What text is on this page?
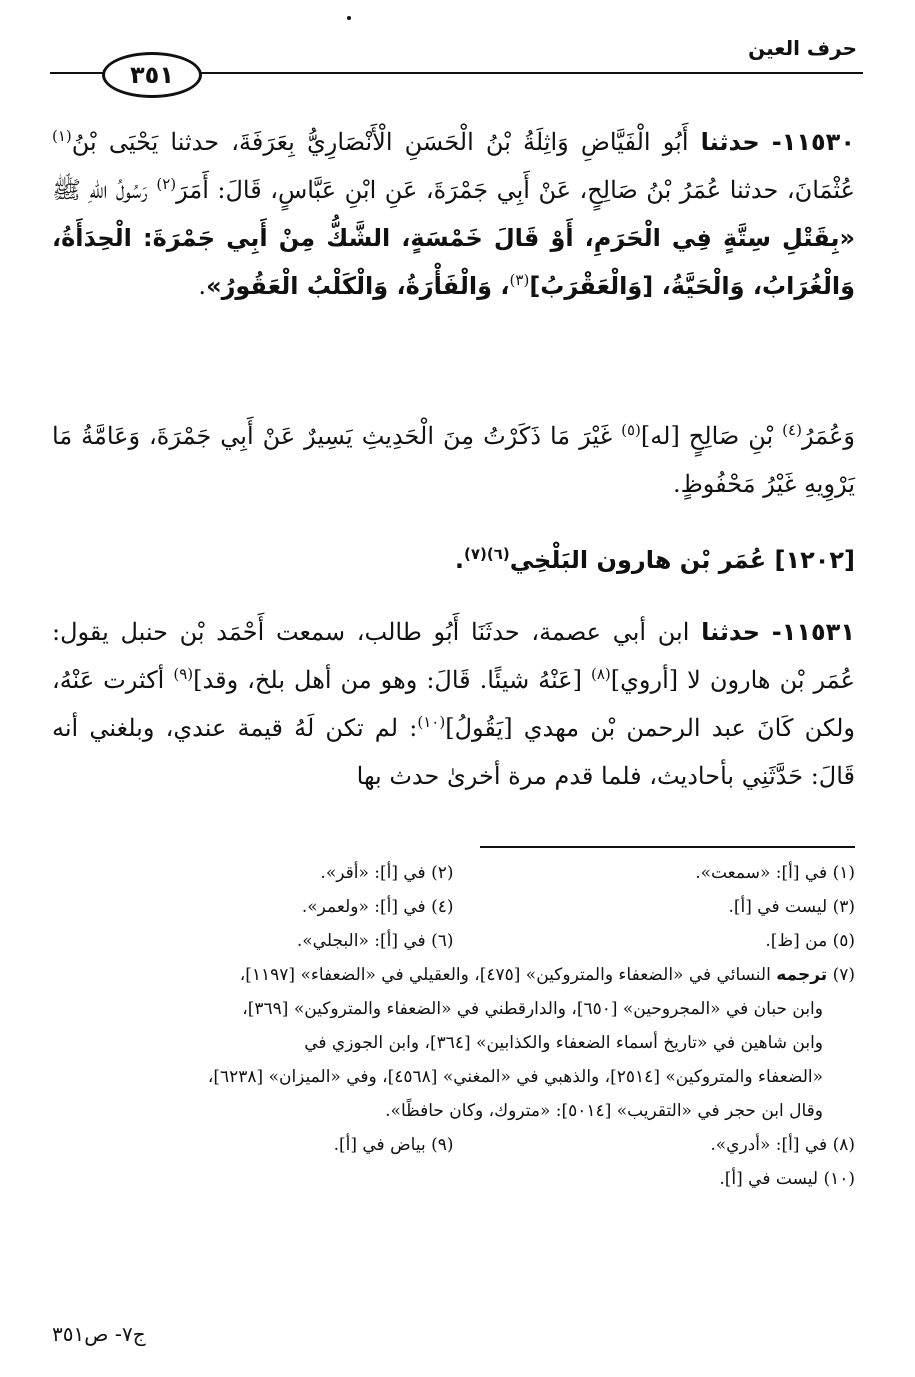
حرف العين
٣٥١

١١٥٣٠- حدثنا أَبُو الْفَيَّاضِ وَاثِلَةُ بْنُ الْحَسَنِ الْأَنْصَارِيُّ بِعَرَفَةَ، حدثنا يَحْيَى بْنُ$^{(١)}$ عُثْمَانَ، حدثنا عُمَرُ بْنُ صَالِحٍ، عَنْ أَبِي جَمْرَةَ، عَنِ ابْنِ عَبَّاسٍ، قَالَ: أَمَرَ$^{(٢)}$ رَسُولُ اللهِ ﷺ «بِقَتْلِ سِتَّةٍ فِي الْحَرَمِ، أَوْ قَالَ خَمْسَةٍ، الشَّكُّ مِنْ أَبِي جَمْرَةَ: الْحِدَأَةُ، وَالْغُرَابُ، وَالْحَيَّةُ، [وَالْعَقْرَبُ]$^{(٣)}$، وَالْفَأْرَةُ، وَالْكَلْبُ الْعَقُورُ».

وَعُمَرُ$^{(٤)}$ بْنِ صَالِحٍ [له]$^{(٥)}$ غَيْرَ مَا ذَكَرْتُ مِنَ الْحَدِيثِ يَسِيرٌ عَنْ أَبِي جَمْرَةَ، وَعَامَّةُ مَا يَرْوِيهِ غَيْرُ مَحْفُوظٍ.

[١٢٠٢] عُمَر بْن هارون البَلْخِي$^{(٦)(٧)}$.

١١٥٣١- حدثنا ابن أبي عصمة، حدثَنَا أَبُو طالب، سمعت أَحْمَد بْن حنبل يقول: عُمَر بْن هارون لا [أروي]$^{(٨)}$ [عَنْهُ شيئًا. قَالَ: وهو من أهل بلخ، وقد]$^{(٩)}$ أكثرت عَنْهُ، ولكن كَانَ عبد الرحمن بْن مهدي [يَقُولُ]$^{(١٠)}$: لم تكن لَهُ قيمة عندي، وبلغني أنه قَالَ: حَدَّثَنِي بأحاديث، فلما قدم مرة أخرىٰ حدث بها

(١) في [أ]: «سمعت».
(٢) في [أ]: «أقر».
(٣) ليست في [أ].
(٤) في [أ]: «ولعمر».
(٥) من [ظ].
(٦) في [أ]: «البجلي».
(٧) ترجمه النسائي في «الضعفاء والمتروكين» [٤٧٥]، والعقيلي في «الضعفاء» [١١٩٧]،
وابن حبان في «المجروحين» [٦٥٠]، والدارقطني في «الضعفاء والمتروكين» [٣٦٩]،
وابن شاهين في «تاريخ أسماء الضعفاء والكذابين» [٣٦٤]، وابن الجوزي في
«الضعفاء والمتروكين» [٢٥١٤]، والذهبي في «المغني» [٤٥٦٨]، وفي «الميزان» [٦٢٣٨]،
وقال ابن حجر في «التقريب» [٥٠١٤]: «متروك، وكان حافظًا».
(٨) في [أ]: «أدري».
(٩) بياض في [أ].
(١٠) ليست في [أ].
ج٧- ص٣٥١
